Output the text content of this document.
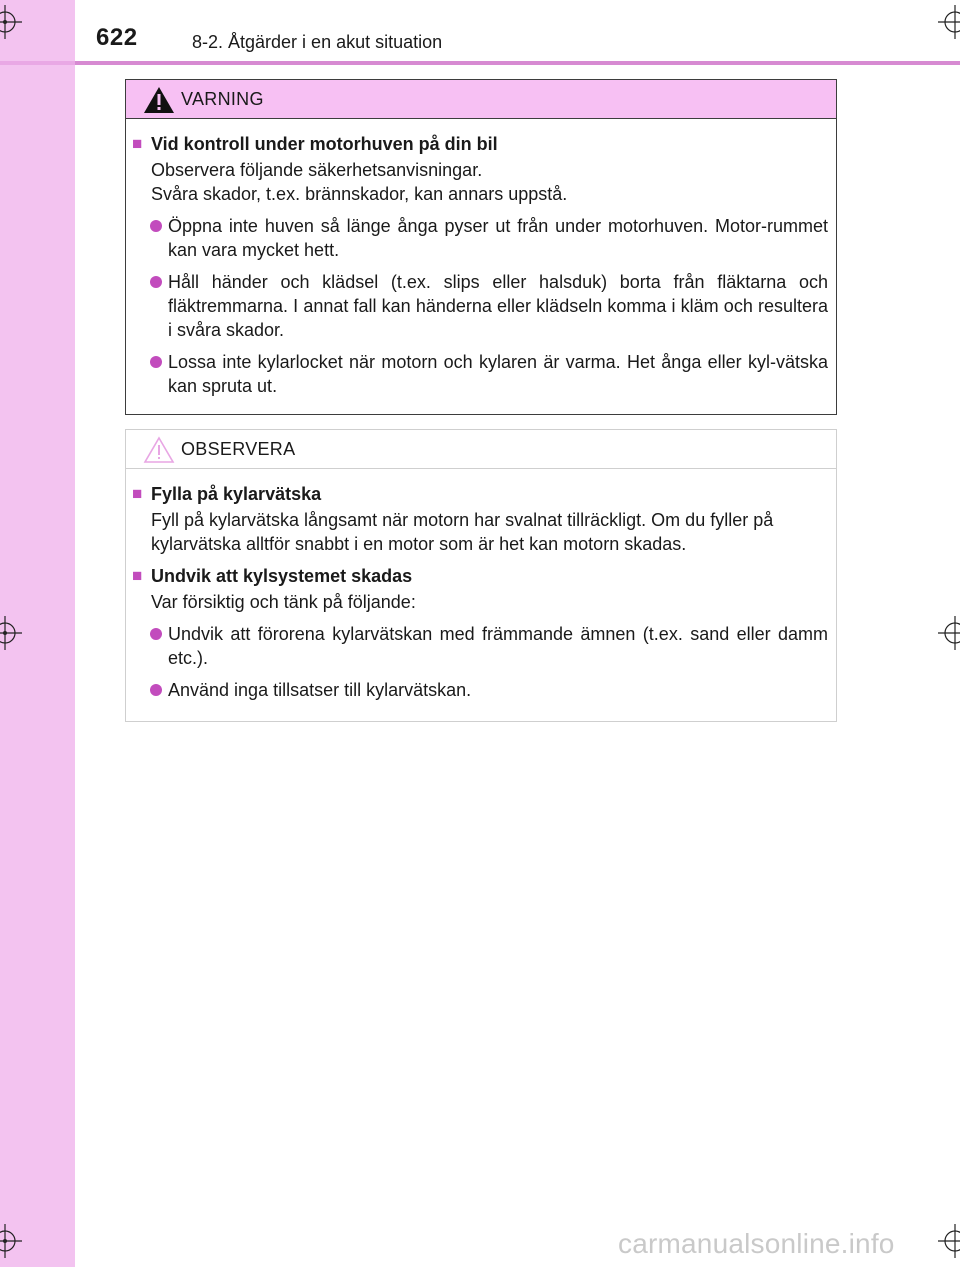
622	8-2. Åtgärder i en akut situation
VARNING
■ Vid kontroll under motorhuven på din bil
Observera följande säkerhetsanvisningar.
Svåra skador, t.ex. brännskador, kan annars uppstå.
Öppna inte huven så länge ånga pyser ut från under motorhuven. Motor-rummet kan vara mycket hett.
Håll händer och klädsel (t.ex. slips eller halsduk) borta från fläktarna och fläktremmarna. I annat fall kan händerna eller klädseln komma i kläm och resultera i svåra skador.
Lossa inte kylarlocket när motorn och kylaren är varma. Het ånga eller kyl-vätska kan spruta ut.
OBSERVERA
■ Fylla på kylarvätska
Fyll på kylarvätska långsamt när motorn har svalnat tillräckligt. Om du fyller på kylarvätska alltför snabbt i en motor som är het kan motorn skadas.
■ Undvik att kylsystemet skadas
Var försiktig och tänk på följande:
Undvik att förorena kylarvätskan med främmande ämnen (t.ex. sand eller damm etc.).
Använd inga tillsatser till kylarvätskan.
carmanualsonline.info
